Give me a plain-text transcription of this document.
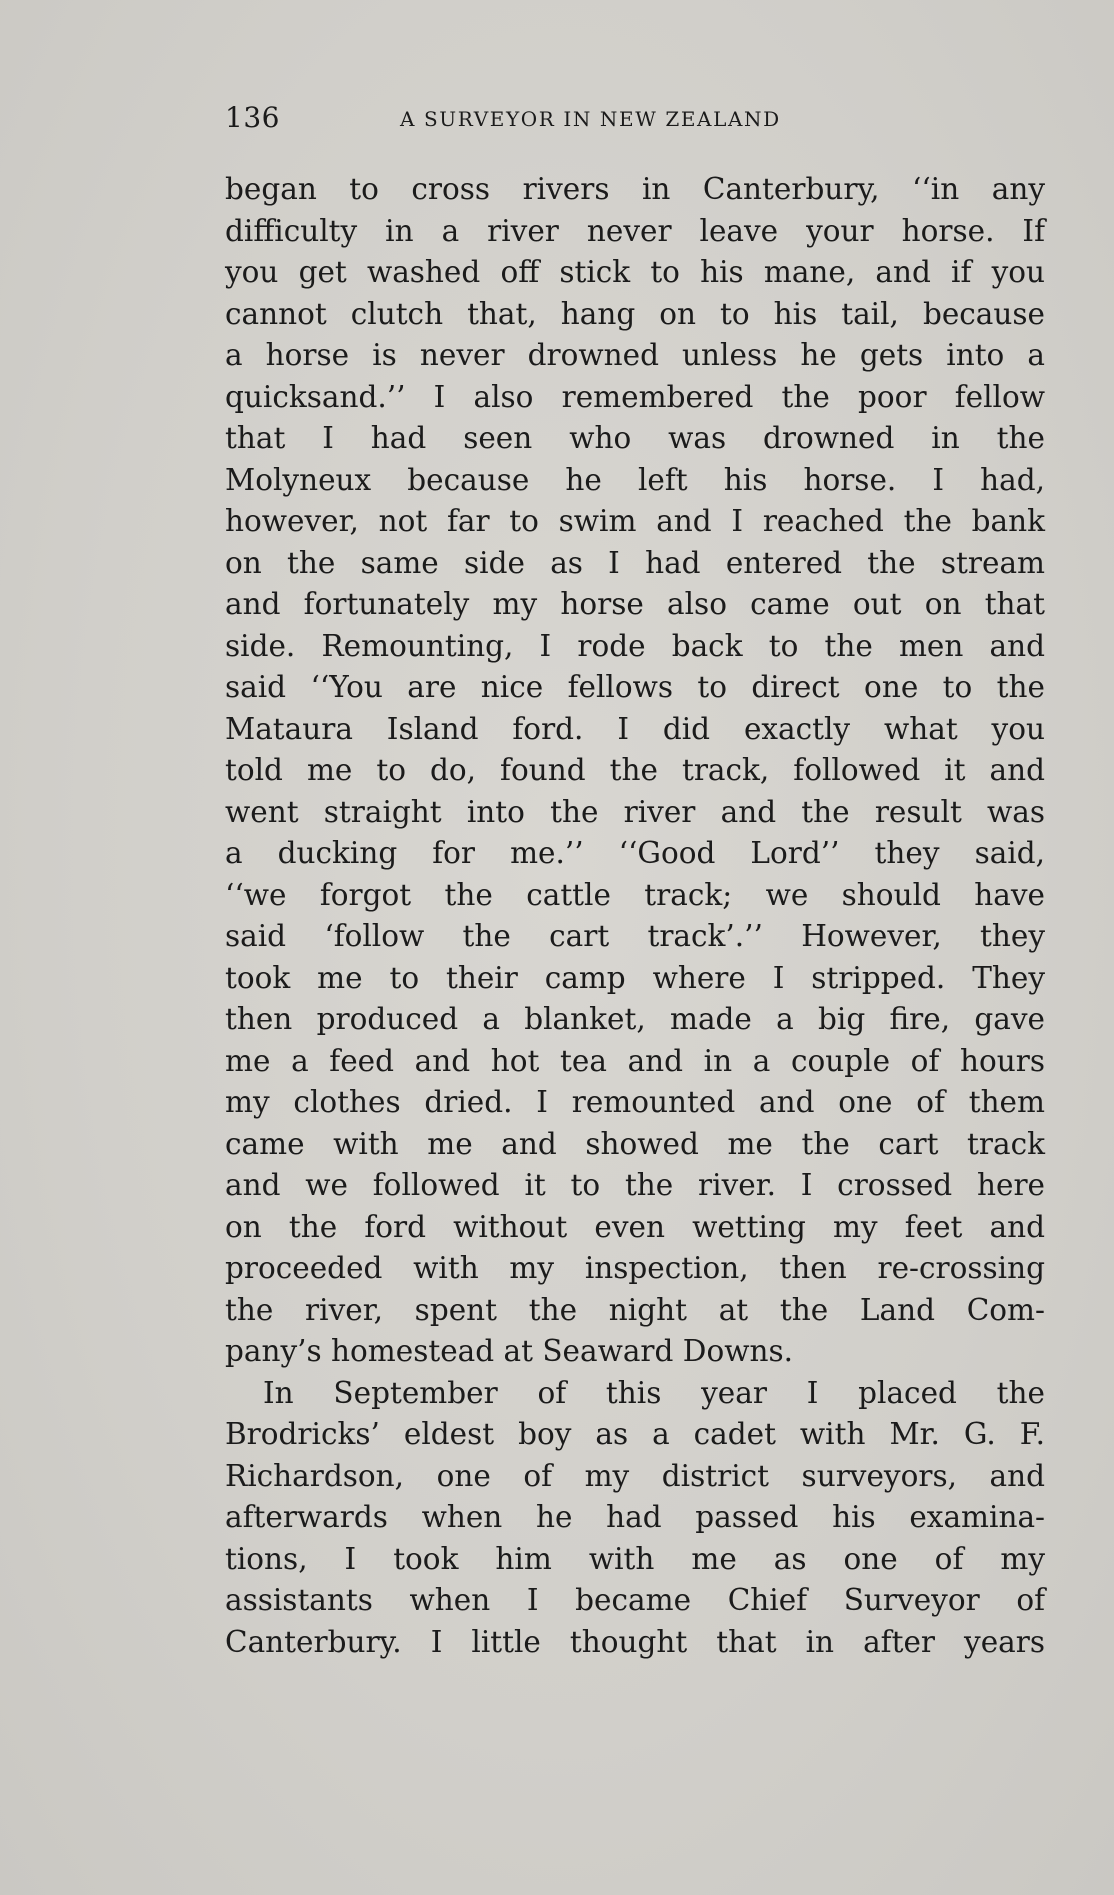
136	A SURVEYOR IN NEW ZEALAND
began to cross rivers in Canterbury, ‘‘in any
difficulty in a river never leave your horse. If
you get washed off stick to his mane, and if you
cannot clutch that, hang on to his tail, because
a horse is never drowned unless he gets into a
quicksand.’’ I also remembered the poor fellow
that I had seen who was drowned in the
Molyneux because he left his horse. I had,
however, not far to swim and I reached the bank
on the same side as I had entered the stream
and fortunately my horse also came out on that
side. Remounting, I rode back to the men and
said ‘‘You are nice fellows to direct one to the
Mataura Island ford. I did exactly what you
told me to do, found the track, followed it and
went straight into the river and the result was
a ducking for me.’’ ‘‘Good Lord’’ they said,
‘‘we forgot the cattle track; we should have
said ‘follow the cart track’.’’ However, they
took me to their camp where I stripped. They
then produced a blanket, made a big fire, gave
me a feed and hot tea and in a couple of hours
my clothes dried. I remounted and one of them
came with me and showed me the cart track
and we followed it to the river. I crossed here
on the ford without even wetting my feet and
proceeded with my inspection, then re-crossing
the river, spent the night at the Land Com-
pany’s homestead at Seaward Downs.
In September of this year I placed the
Brodricks’ eldest boy as a cadet with Mr. G. F.
Richardson, one of my district surveyors, and
afterwards when he had passed his examina-
tions, I took him with me as one of my
assistants when I became Chief Surveyor of
Canterbury. I little thought that in after years
